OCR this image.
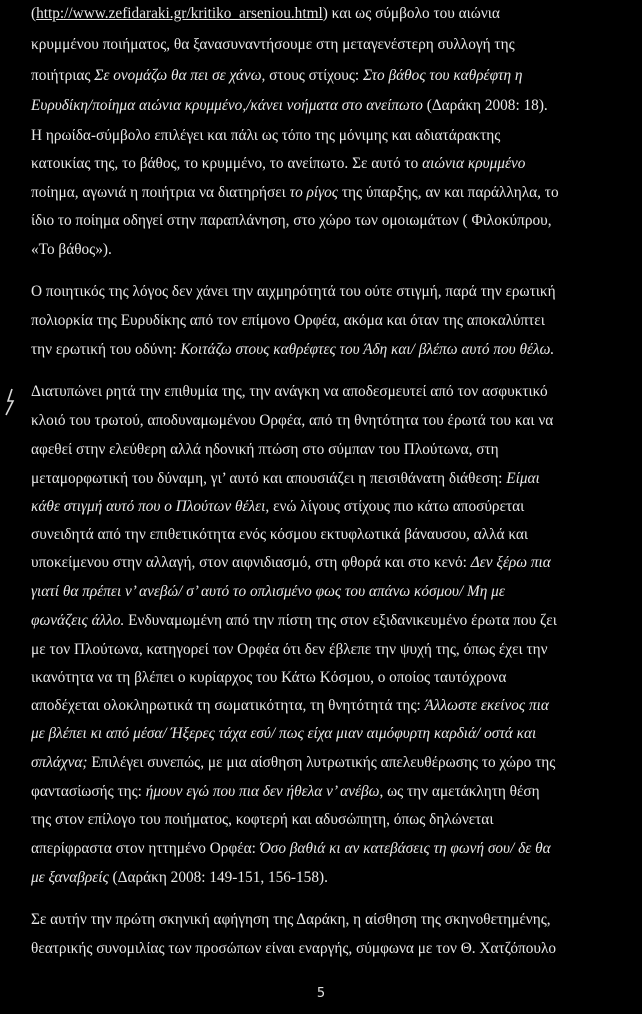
(http://www.zefidaraki.gr/kritiko_arseniou.html) και ως σύμβολο του αιώνια
κρυμμένου ποιήματος, θα ξανασυναντήσουμε στη μεταγενέστερη συλλογή της
ποιήτριας Σε ονομάζω θα πει σε χάνω, στους στίχους: Στο βάθος του καθρέφτη η
Ευρυδίκη/ποίημα αιώνια κρυμμένο,/κάνει νοήματα στο ανείπωτο (Δαράκη 2008: 18).
Η ηρωίδα-σύμβολο επιλέγει και πάλι ως τόπο της μόνιμης και αδιατάρακτης
κατοικίας της, το βάθος, το κρυμμένο, το ανείπωτο. Σε αυτό το αιώνια κρυμμένο
ποίημα, αγωνιά η ποιήτρια να διατηρήσει το ρίγος της ύπαρξης, αν και παράλληλα, το
ίδιο το ποίημα οδηγεί στην παραπλάνηση, στο χώρο των ομοιωμάτων ( Φιλοκύπρου,
«Το βάθος»).
Ο ποιητικός της λόγος δεν χάνει την αιχμηρότητά του ούτε στιγμή, παρά την ερωτική
πολιορκία της Ευρυδίκης από τον επίμονο Ορφέα, ακόμα και όταν της αποκαλύπτει
την ερωτική του οδύνη: Κοιτάζω στους καθρέφτες του Άδη και/ βλέπω αυτό που θέλω.
Διατυπώνει ρητά την επιθυμία της, την ανάγκη να αποδεσμευτεί από τον ασφυκτικό
κλοιό του τρωτού, αποδυναμωμένου Ορφέα, από τη θνητότητα του έρωτά του και να
αφεθεί στην ελεύθερη αλλά ηδονική πτώση στο σύμπαν του Πλούτωνα, στη
μεταμορφωτική του δύναμη, γι’ αυτό και απουσιάζει η πεισιθάνατη διάθεση: Είμαι
κάθε στιγμή αυτό που ο Πλούτων θέλει, ενώ λίγους στίχους πιο κάτω αποσύρεται
συνειδητά από την επιθετικότητα ενός κόσμου εκτυφλωτικά βάναυσου, αλλά και
υποκείμενου στην αλλαγή, στον αιφνιδιασμό, στη φθορά και στο κενό: Δεν ξέρω πια
γιατί θα πρέπει ν’ ανεβώ/ σ’ αυτό το οπλισμένο φως του απάνω κόσμου/ Μη με
φωνάζεις άλλο. Ενδυναμωμένη από την πίστη της στον εξιδανικευμένο έρωτα που ζει
με τον Πλούτωνα, κατηγορεί τον Ορφέα ότι δεν έβλεπε την ψυχή της, όπως έχει την
ικανότητα να τη βλέπει ο κυρίαρχος του Κάτω Κόσμου, ο οποίος ταυτόχρονα
αποδέχεται ολοκληρωτικά τη σωματικότητα, τη θνητότητά της: Άλλωστε εκείνος πια
με βλέπει κι από μέσα/ Ήξερες τάχα εσύ/ πως είχα μιαν αιμόφυρτη καρδιά/ οστά και
σπλάχνα; Επιλέγει συνεπώς, με μια αίσθηση λυτρωτικής απελευθέρωσης το χώρο της
φαντασίωσής της: ήμουν εγώ που πια δεν ήθελα ν’ ανέβω, ως την αμετάκλητη θέση
της στον επίλογο του ποιήματος, κοφτερή και αδυσώπητη, όπως δηλώνεται
απερίφραστα στον ηττημένο Ορφέα: Όσο βαθιά κι αν κατεβάσεις τη φωνή σου/ δε θα
με ξαναβρείς (Δαράκη 2008: 149-151, 156-158).
Σε αυτήν την πρώτη σκηνική αφήγηση της Δαράκη, η αίσθηση της σκηνοθετημένης,
θεατρικής συνομιλίας των προσώπων είναι εναργής, σύμφωνα με τον Θ. Χατζόπουλο
5
